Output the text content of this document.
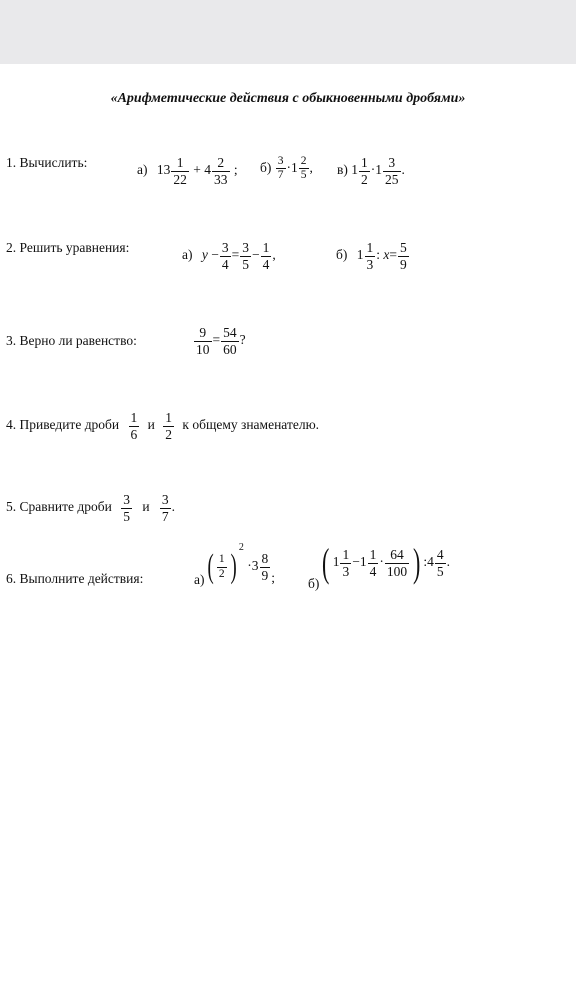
«Арифметические действия с обыкновенными дробями»
1. Вычислить:	а) $13 \frac{1}{22} + 4 \frac{2}{33}$ ; $б) \frac{3}{7} \cdot 1 \frac{2}{5}$ , в) $1 \frac{1}{2} \cdot 1 \frac{3}{25}$ .
2. Решить уравнения:	а) $y - \frac{3}{4} = \frac{3}{5} - \frac{1}{4}$ ,	б) $1 \frac{1}{3}$ : $x= \frac{5}{9}$
3. Верно ли равенство:	$\frac{9}{10} = \frac{54}{60}$ ?
4. Приведите дроби $\frac{1}{6}$ и $\frac{1}{2}$ к общему знаменателю.
5. Сравните дроби $\frac{3}{5}$ и $\frac{3}{7}$ .
6. Выполните действия:	$а)( \frac{1}{2} )^2 \cdot 3 \frac{8}{9}$ ; б)( $1 \frac{1}{3} -1 \frac{1}{4} \cdot \frac{64}{100}$ ) :4 $\frac{4}{5}$ .
